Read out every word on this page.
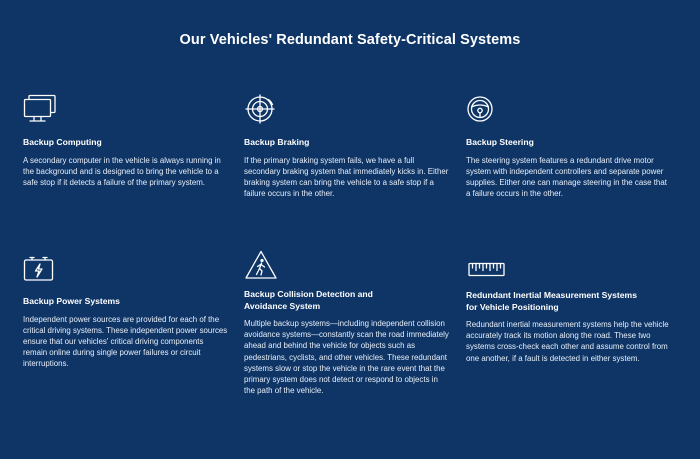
Our Vehicles' Redundant Safety-Critical Systems
Backup Computing

A secondary computer in the vehicle is always running in the background and is designed to bring the vehicle to a safe stop if it detects a failure of the primary system.

Backup Braking

If the primary braking system fails, we have a full secondary braking system that immediately kicks in. Either braking system can bring the vehicle to a safe stop if a failure occurs in the other.

Backup Steering

The steering system features a redundant drive motor system with independent controllers and separate power supplies. Either one can manage steering in the case that a failure occurs in the other.

Backup Power Systems

Independent power sources are provided for each of the critical driving systems. These independent power sources ensure that our vehicles' critical driving components remain online during single power failures or circuit interruptions.

Backup Collision Detection and Avoidance System

Multiple backup systems—including independent collision avoidance systems—constantly scan the road immediately ahead and behind the vehicle for objects such as pedestrians, cyclists, and other vehicles. These redundant systems slow or stop the vehicle in the rare event that the primary system does not detect or respond to objects in the path of the vehicle.

Redundant Inertial Measurement Systems for Vehicle Positioning

Redundant inertial measurement systems help the vehicle accurately track its motion along the road. These two systems cross-check each other and assume control from one another, if a fault is detected in either system.
